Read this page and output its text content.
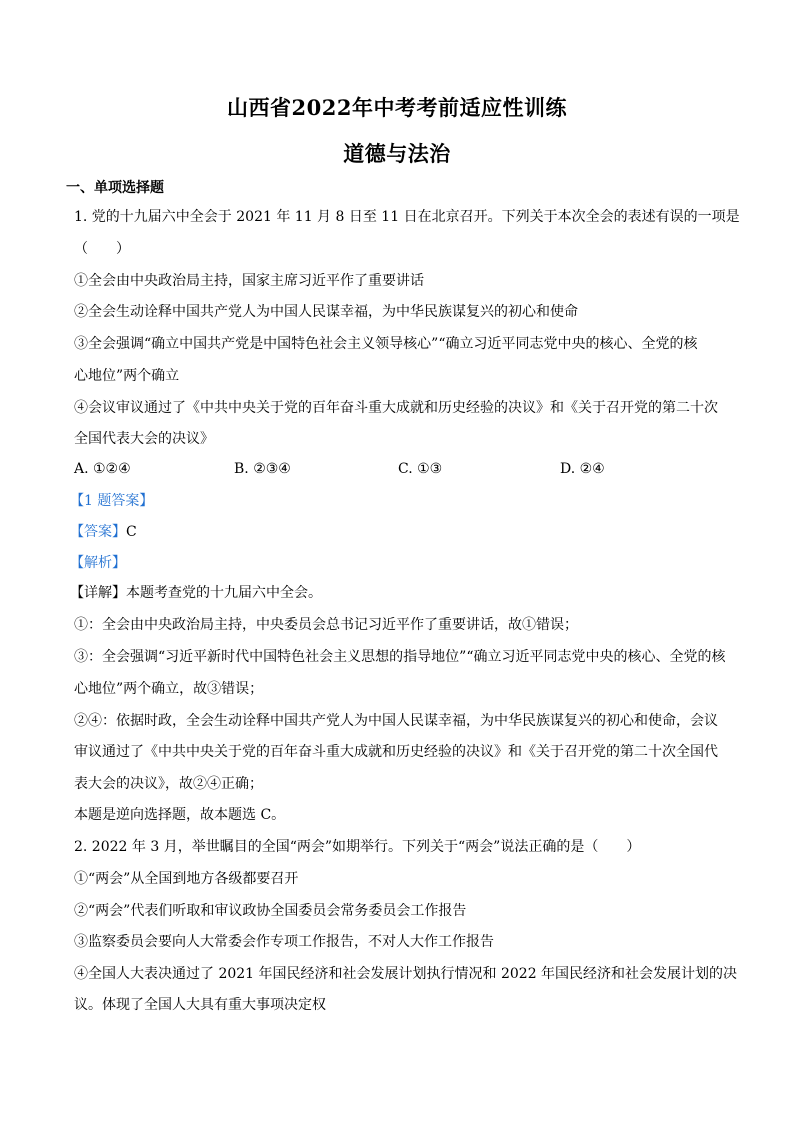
山西省2022年中考考前适应性训练
道德与法治
一、单项选择题
1. 党的十九届六中全会于 2021 年 11 月 8 日至 11 日在北京召开。下列关于本次全会的表述有误的一项是
（　　）
①全会由中央政治局主持，国家主席习近平作了重要讲话
②全会生动诠释中国共产党人为中国人民谋幸福，为中华民族谋复兴的初心和使命
③全会强调“确立中国共产党是中国特色社会主义领导核心”“确立习近平同志党中央的核心、全党的核
心地位”两个确立
④会议审议通过了《中共中央关于党的百年奋斗重大成就和历史经验的决议》和《关于召开党的第二十次
全国代表大会的决议》
A. ①②④	B. ②③④	C. ①③	D. ②④
【1 题答案】
【答案】C
【解析】
【详解】本题考查党的十九届六中全会。
①：全会由中央政治局主持，中央委员会总书记习近平作了重要讲话，故①错误；
③：全会强调“习近平新时代中国特色社会主义思想的指导地位”“确立习近平同志党中央的核心、全党的核
心地位”两个确立，故③错误；
②④：依据时政，全会生动诠释中国共产党人为中国人民谋幸福，为中华民族谋复兴的初心和使命，会议
审议通过了《中共中央关于党的百年奋斗重大成就和历史经验的决议》和《关于召开党的第二十次全国代
表大会的决议》，故②④正确；
本题是逆向选择题，故本题选 C。
2. 2022 年 3 月，举世瞩目的全国“两会”如期举行。下列关于“两会”说法正确的是（　　）
①“两会”从全国到地方各级都要召开
②“两会”代表们听取和审议政协全国委员会常务委员会工作报告
③监察委员会要向人大常委会作专项工作报告，不对人大作工作报告
④全国人大表决通过了 2021 年国民经济和社会发展计划执行情况和 2022 年国民经济和社会发展计划的决
议。体现了全国人大具有重大事项决定权
